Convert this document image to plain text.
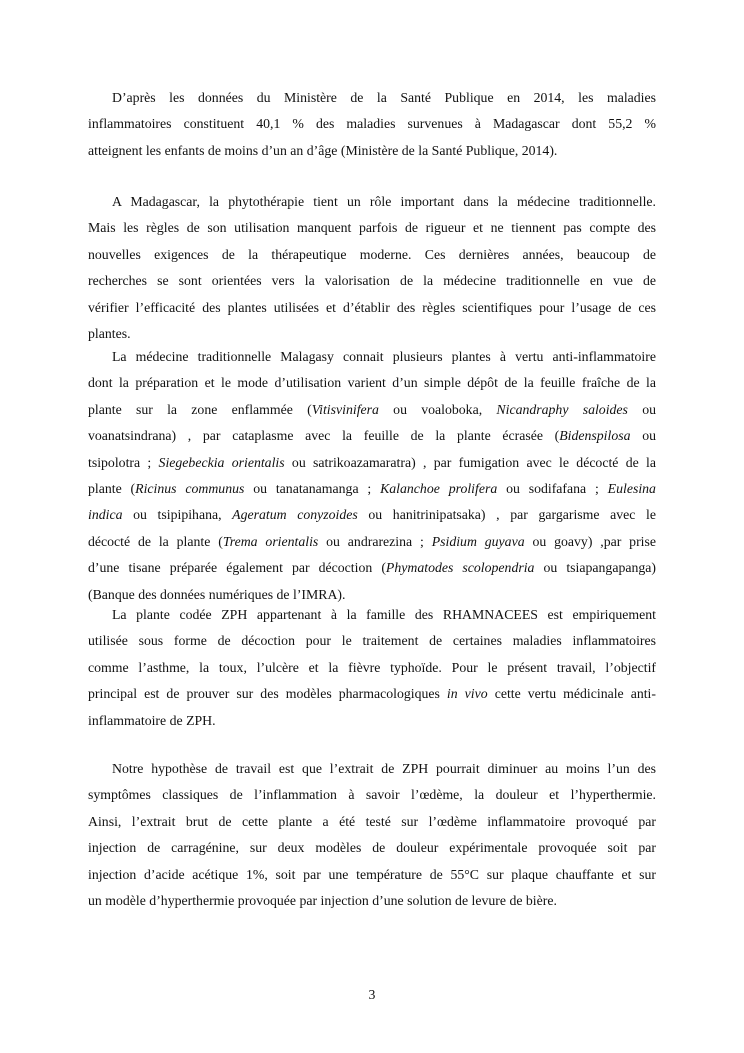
D’après les données du Ministère de la Santé Publique en 2014, les maladies
inflammatoires constituent 40,1 % des maladies survenues à Madagascar dont 55,2 %
atteignent les enfants de moins d’un an d’âge (Ministère de la Santé Publique, 2014).
A Madagascar, la phytothérapie tient un rôle important dans la médecine traditionnelle.
Mais les règles de son utilisation manquent parfois de rigueur et ne tiennent pas compte des
nouvelles exigences de la thérapeutique moderne. Ces dernières années, beaucoup de
recherches se sont orientées vers la valorisation de la médecine traditionnelle en vue de
vérifier l’efficacité des plantes utilisées et d’établir des règles scientifiques pour l’usage de ces
plantes.
La médecine traditionnelle Malagasy connait plusieurs plantes à vertu anti-inflammatoire
dont la préparation et le mode d’utilisation varient d’un simple dépôt de la feuille fraîche de la
plante sur la zone enflammée (Vitisvinifera ou voaloboka, Nicandraphy saloides ou
voanatsindrana) , par cataplasme avec la feuille de la plante écrasée (Bidenspilosa ou
tsipolotra ; Siegebeckia orientalis ou satrikoazamaratra) , par fumigation avec le décocté de la
plante (Ricinus communus ou tanatanamanga ; Kalanchoe prolifera ou sodifafana ; Eulesina
indica ou tsipipihana, Ageratum conyzoides ou hanitrinipatsaka) , par gargarisme avec le
décocté de la plante (Trema orientalis ou andrarezina ; Psidium guyava ou goavy) ,par prise
d’une tisane préparée également par décoction (Phymatodes scolopendria ou tsiapangapanga)
(Banque des données numériques de l’IMRA).
La plante codée ZPH appartenant à la famille des RHAMNACEES est empiriquement
utilisée sous forme de décoction pour le traitement de certaines maladies inflammatoires
comme l’asthme, la toux, l’ulcère et la fièvre typhoïde. Pour le présent travail, l’objectif
principal est de prouver sur des modèles pharmacologiques in vivo cette vertu médicinale anti-
inflammatoire de ZPH.
Notre hypothèse de travail est que l’extrait de ZPH pourrait diminuer au moins l’un des
symptômes classiques de l’inflammation à savoir l’œdème, la douleur et l’hyperthermie.
Ainsi, l’extrait brut de cette plante a été testé sur l’œdème inflammatoire provoqué par
injection de carragénine, sur deux modèles de douleur expérimentale provoquée soit par
injection d’acide acétique 1%, soit par une température de 55°C sur plaque chauffante et sur
un modèle d’hyperthermie provoquée par injection d’une solution de levure de bière.
3
